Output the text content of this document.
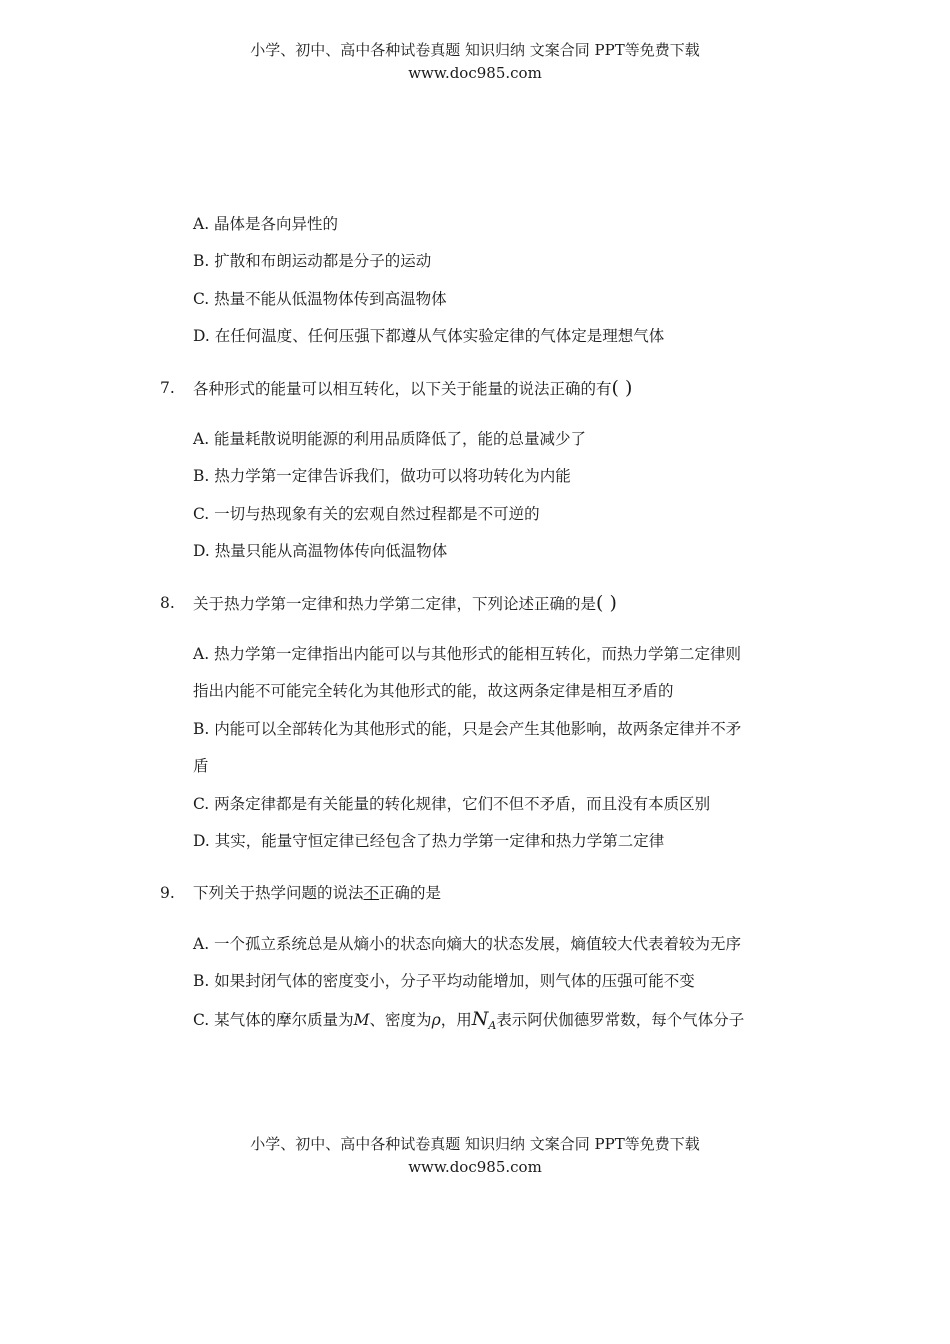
小学、初中、高中各种试卷真题 知识归纳 文案合同 PPT等免费下载
www.doc985.com
A. 晶体是各向异性的
B. 扩散和布朗运动都是分子的运动
C. 热量不能从低温物体传到高温物体
D. 在任何温度、任何压强下都遵从气体实验定律的气体定是理想气体
7. 各种形式的能量可以相互转化，以下关于能量的说法正确的有( )
A. 能量耗散说明能源的利用品质降低了，能的总量减少了
B. 热力学第一定律告诉我们，做功可以将功转化为内能
C. 一切与热现象有关的宏观自然过程都是不可逆的
D. 热量只能从高温物体传向低温物体
8. 关于热力学第一定律和热力学第二定律，下列论述正确的是( )
A. 热力学第一定律指出内能可以与其他形式的能相互转化，而热力学第二定律则
指出内能不可能完全转化为其他形式的能，故这两条定律是相互矛盾的
B. 内能可以全部转化为其他形式的能，只是会产生其他影响，故两条定律并不矛
盾
C. 两条定律都是有关能量的转化规律，它们不但不矛盾，而且没有本质区别
D. 其实，能量守恒定律已经包含了热力学第一定律和热力学第二定律
9. 下列关于热学问题的说法不正确的是
A. 一个孤立系统总是从熵小的状态向熵大的状态发展，熵值较大代表着较为无序
B. 如果封闭气体的密度变小，分子平均动能增加，则气体的压强可能不变
C. 某气体的摩尔质量为M、密度为ρ，用$N_A$表示阿伏伽德罗常数，每个气体分子
小学、初中、高中各种试卷真题 知识归纳 文案合同 PPT等免费下载
www.doc985.com
